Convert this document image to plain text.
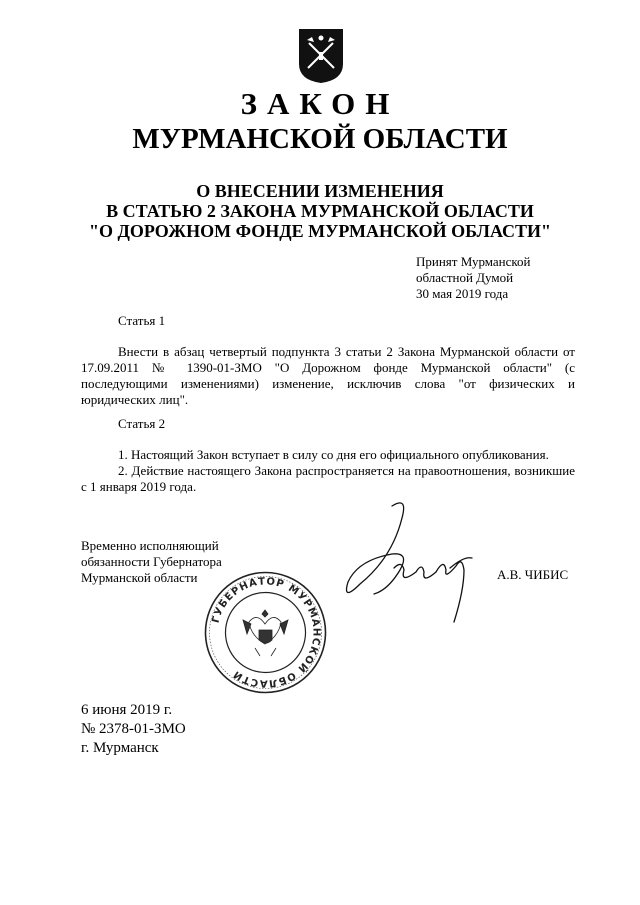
ЗАКОН
МУРМАНСКОЙ ОБЛАСТИ
О ВНЕСЕНИИ ИЗМЕНЕНИЯ
В СТАТЬЮ 2 ЗАКОНА МУРМАНСКОЙ ОБЛАСТИ
"О ДОРОЖНОМ ФОНДЕ МУРМАНСКОЙ ОБЛАСТИ"
Принят Мурманской
областной Думой
30 мая 2019 года
Статья 1

Внести в абзац четвертый подпункта 3 статьи 2 Закона Мурманской области от 17.09.2011 № 1390-01-ЗМО "О Дорожном фонде Мурманской области" (с последующими изменениями) изменение, исключив слова "от физических и юридических лиц".

Статья 2

1. Настоящий Закон вступает в силу со дня его официального опубликования.

2. Действие настоящего Закона распространяется на правоотношения, возникшие с 1 января 2019 года.

Временно исполняющий
обязанности Губернатора
Мурманской области	А.В. ЧИБИС
ГУБЕРНАТОР МУРМАНСКОЙ ОБЛАСТИ
6 июня 2019 г.
№ 2378-01-ЗМО
г. Мурманск
